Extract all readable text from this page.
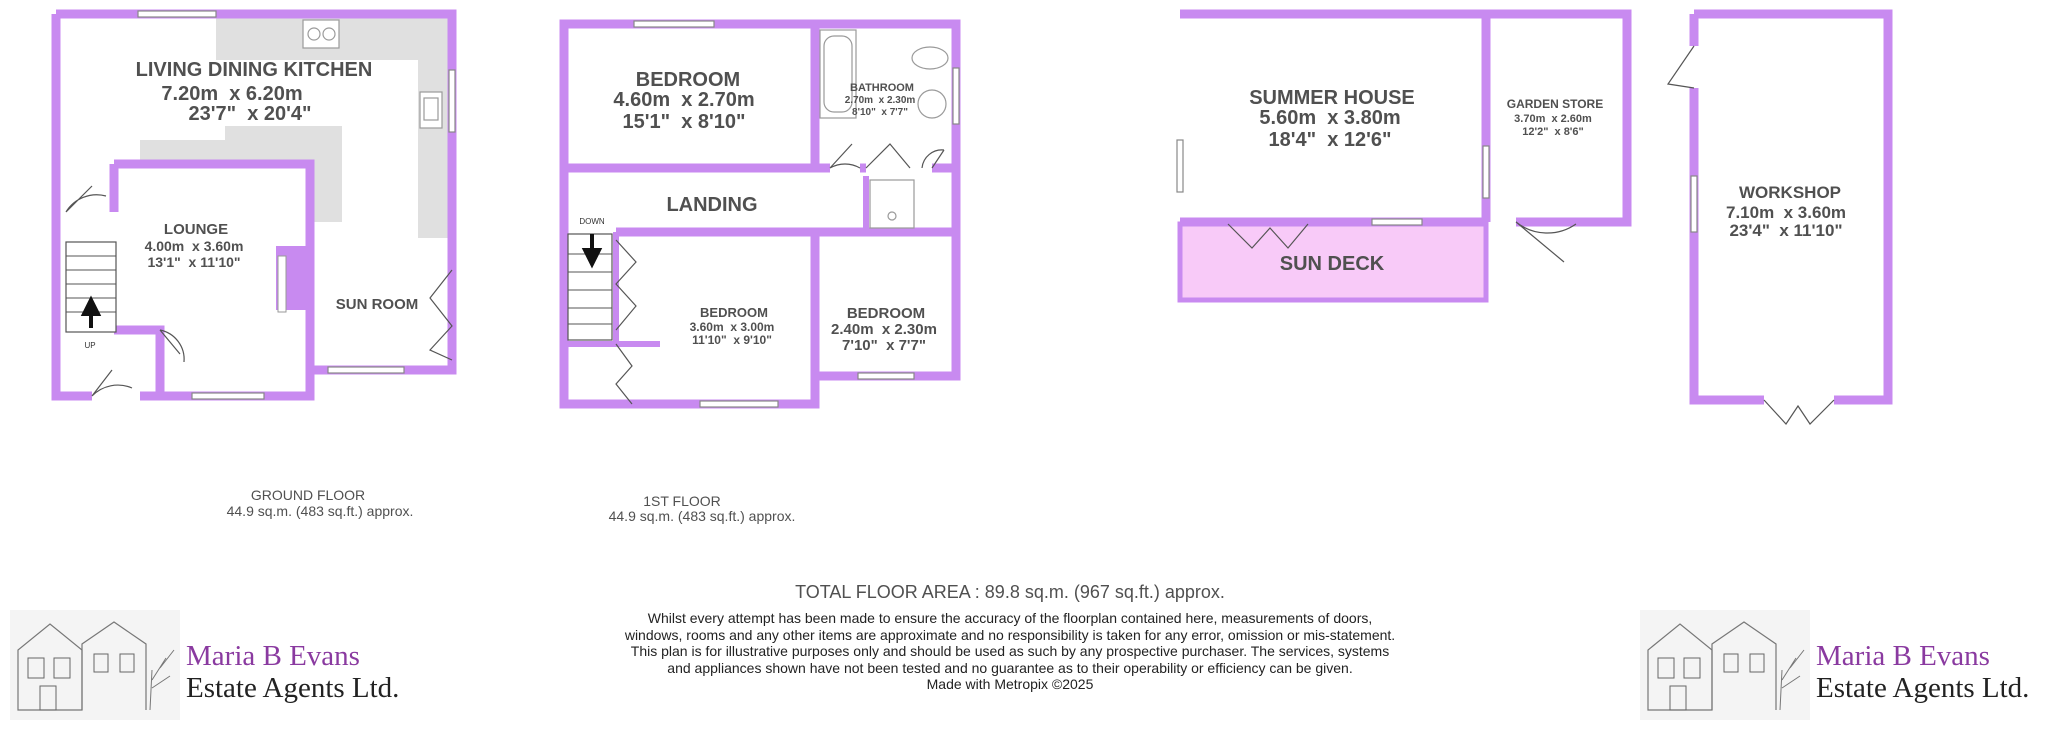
UP
LIVING DINING KITCHEN
7.20m  x 6.20m
23'7"  x 20'4"
LOUNGE
4.00m  x 3.60m
13'1"  x 11'10"
SUN ROOM
GROUND FLOOR
44.9 sq.m. (483 sq.ft.) approx.
DOWN
BEDROOM
4.60m  x 2.70m
15'1"  x 8'10"
BATHROOM
2.70m  x 2.30m
8'10"  x 7'7"
LANDING
BEDROOM
3.60m  x 3.00m
11'10"  x 9'10"
BEDROOM
2.40m  x 2.30m
7'10"  x 7'7"
1ST FLOOR
44.9 sq.m. (483 sq.ft.) approx.
SUMMER HOUSE
5.60m  x 3.80m
18'4"  x 12'6"
SUN DECK
GARDEN STORE
3.70m  x 2.60m
12'2"  x 8'6"
WORKSHOP
7.10m  x 3.60m
23'4"  x 11'10"
TOTAL FLOOR AREA : 89.8 sq.m. (967 sq.ft.) approx.
Whilst every attempt has been made to ensure the accuracy of the floorplan contained here, measurements of doors, windows, rooms and any other items are approximate and no responsibility is taken for any error, omission or mis-statement. This plan is for illustrative purposes only and should be used as such by any prospective purchaser. The services, systems and appliances shown have not been tested and no guarantee as to their operability or efficiency can be given.
Made with Metropix ©2025
Maria B Evans
Estate Agents Ltd.
Maria B Evans
Estate Agents Ltd.
